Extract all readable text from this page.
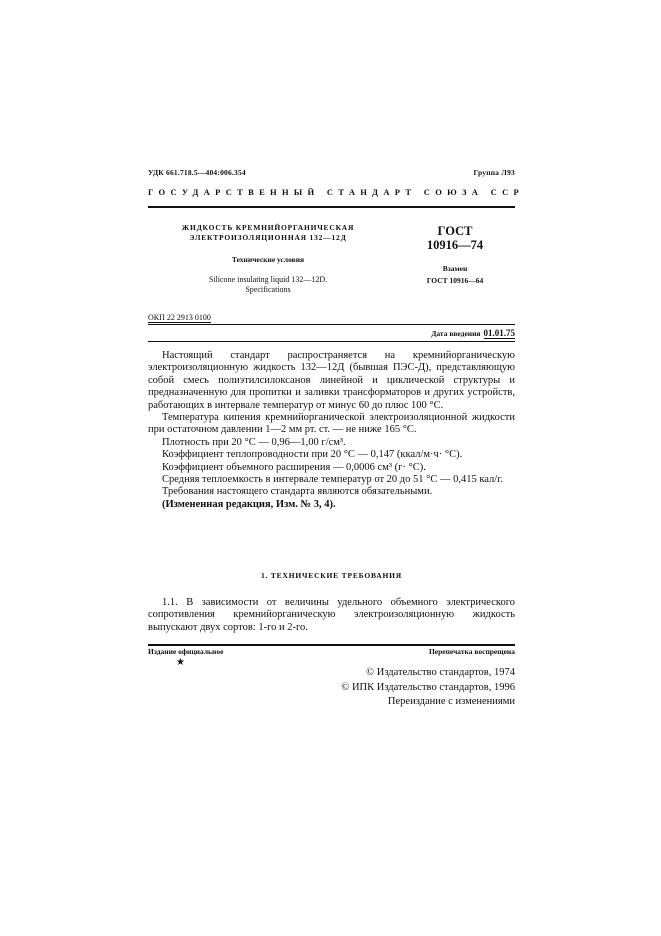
УДК 661.718.5—404:006.354	Группа Л93
ГОСУДАРСТВЕННЫЙ СТАНДАРТ СОЮЗА ССР
ЖИДКОСТЬ КРЕМНИЙОРГАНИЧЕСКАЯ
ЭЛЕКТРОИЗОЛЯЦИОННАЯ 132—12Д
Технические условия
Silicone insulating liquid 132—12D.
Specifications
ГОСТ
10916—74
Взамен
ГОСТ 10916—64
ОКП 22 2913 0100
Дата введения 01.01.75

Настоящий стандарт распространяется на кремнийорганическую электроизоляционную жидкость 132—12Д (бывшая ПЭС-Д), представляющую собой смесь полиэтилсилоксанов линейной и циклической структуры и предназначенную для пропитки и заливки трансформаторов и других устройств, работающих в интервале температур от минус 60 до плюс 100 °С.

Температура кипения кремнийорганической электроизоляционной жидкости при остаточном давлении 1—2 мм рт. ст. — не ниже 165 °С.

Плотность при 20 °С — 0,96—1,00 г/см³.

Коэффициент теплопроводности при 20 °С — 0,147 (ккал/м·ч· °С).

Коэффициент объемного расширения — 0,0006 см³ (г· °С).

Средняя теплоемкость в интервале температур от 20 до 51 °С — 0,415 кал/г.

Требования настоящего стандарта являются обязательными.

(Измененная редакция, Изм. № 3, 4).

1. ТЕХНИЧЕСКИЕ ТРЕБОВАНИЯ

1.1. В зависимости от величины удельного объемного электрического сопротивления кремнийорганическую электроизоляционную жидкость выпускают двух сортов: 1-го и 2-го.

Издание официальное	Перепечатка воспрещена
★
© Издательство стандартов, 1974
© ИПК Издательство стандартов, 1996
Переиздание с изменениями
